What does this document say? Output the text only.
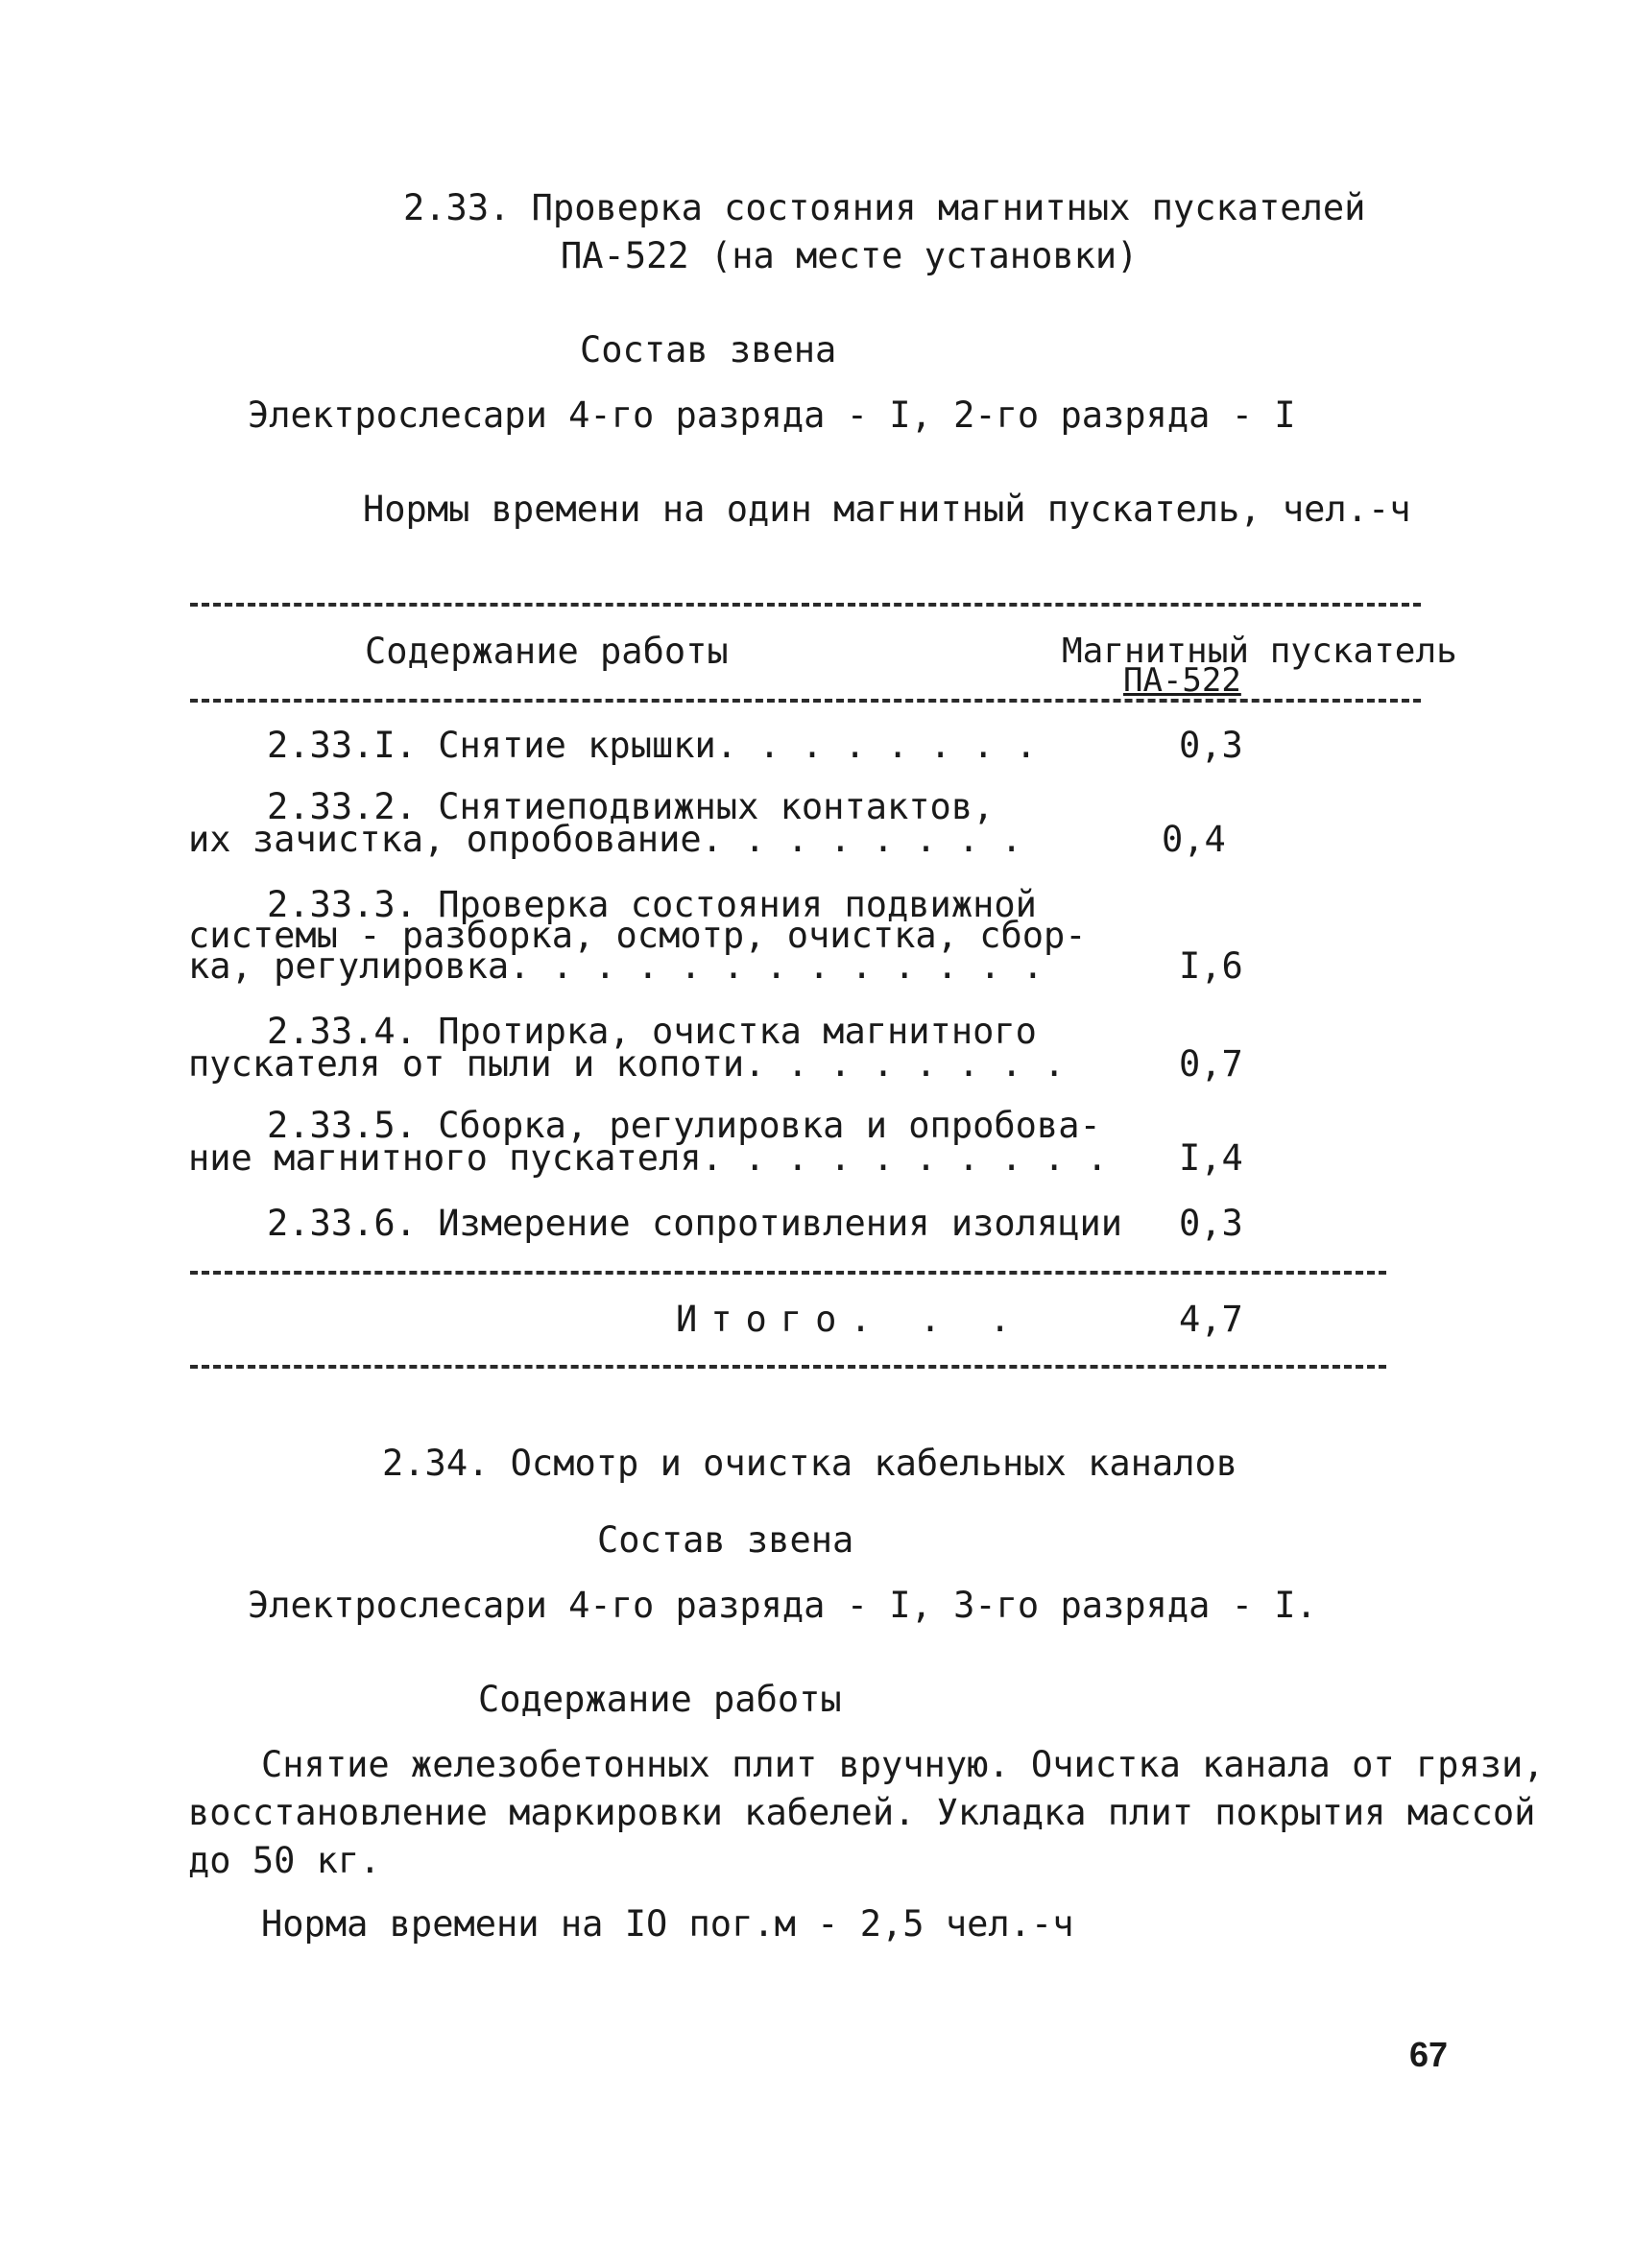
2.33. Проверка состояния магнитных пускателей
ПА-522 (на месте установки)
Состав звена
Электрослесари 4-го разряда - I, 2-го разряда - I
Нормы времени на один магнитный пускатель, чел.-ч
Содержание работы	Магнитный пускатель
ПА-522
2.33.I. Снятие крышки. . . . . . . .	0,3
2.33.2. Снятиеподвижных контактов,
их зачистка, опробование. . . . . . . .	0,4
2.33.3. Проверка состояния подвижной
системы - разборка, осмотр, очистка, сбор-
ка, регулировка. . . . . . . . . . . . .	I,6
2.33.4. Протирка, очистка магнитного
пускателя от пыли и копоти. . . . . . . .	0,7
2.33.5. Сборка, регулировка и опробова-
ние магнитного пускателя. . . . . . . . . . I,4
2.33.6. Измерение сопротивления изоляции 0,3
Итого. . .	4,7
2.34. Осмотр и очистка кабельных каналов
Состав звена
Электрослесари 4-го разряда - I, 3-го разряда - I.
Содержание работы
Снятие железобетонных плит вручную. Очистка канала от грязи,
восстановление маркировки кабелей. Укладка плит покрытия массой
до 50 кг.
Норма времени на IO пог.м - 2,5 чел.-ч
67
